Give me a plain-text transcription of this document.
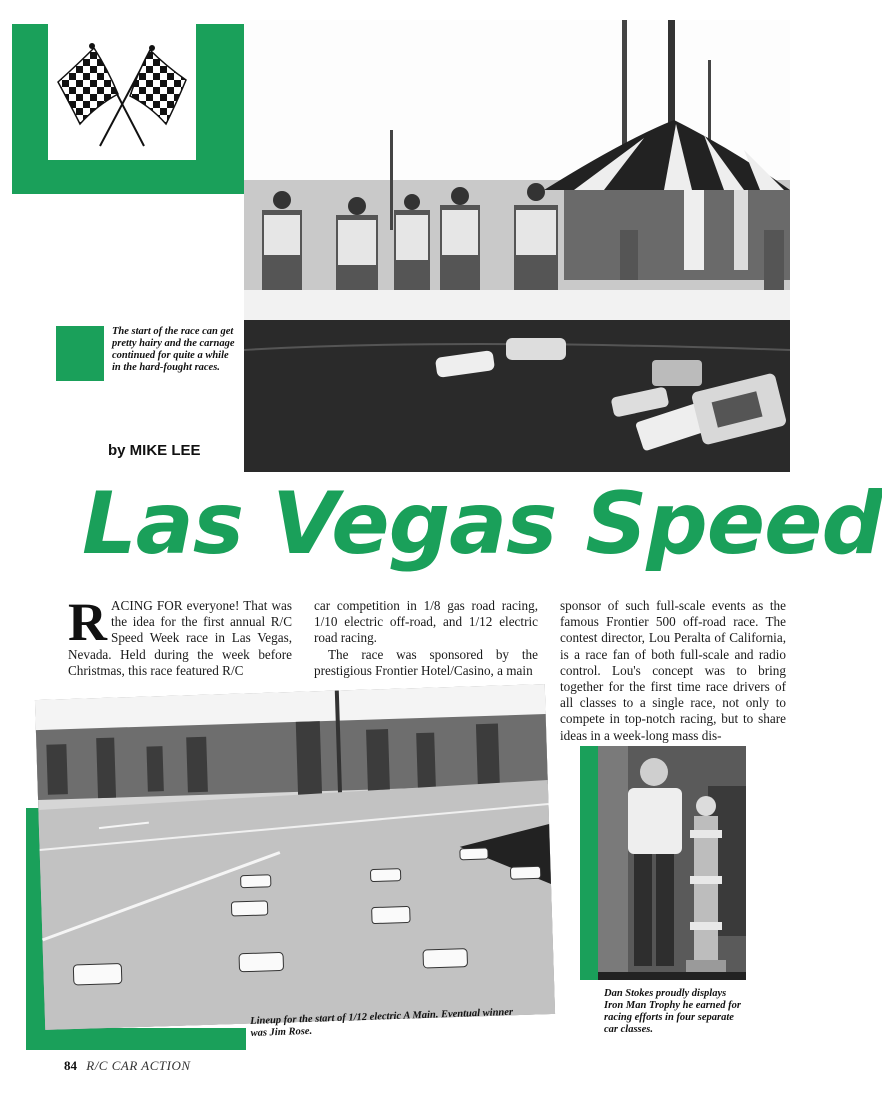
The start of the race can get pretty hairy and the carnage continued for quite a while in the hard-fought races.
by MIKE LEE
Las Vegas Speed
RACING FOR everyone! That was the idea for the first annual R/C Speed Week race in Las Vegas, Nevada. Held during the week before Christmas, this race featured R/C
car competition in 1/8 gas road racing, 1/10 electric off-road, and 1/12 electric road racing.
The race was sponsored by the prestigious Frontier Hotel/Casino, a main
sponsor of such full-scale events as the famous Frontier 500 off-road race. The contest director, Lou Peralta of California, is a race fan of both full-scale and radio control. Lou's concept was to bring together for the first time race drivers of all classes to a single race, not only to compete in top-notch racing, but to share ideas in a week-long mass dis-
Lineup for the start of 1/12 electric A Main. Eventual winner
was Jim Rose.
Dan Stokes proudly displays Iron Man Trophy he earned for racing efforts in four separate car classes.
84 R/C CAR ACTION
